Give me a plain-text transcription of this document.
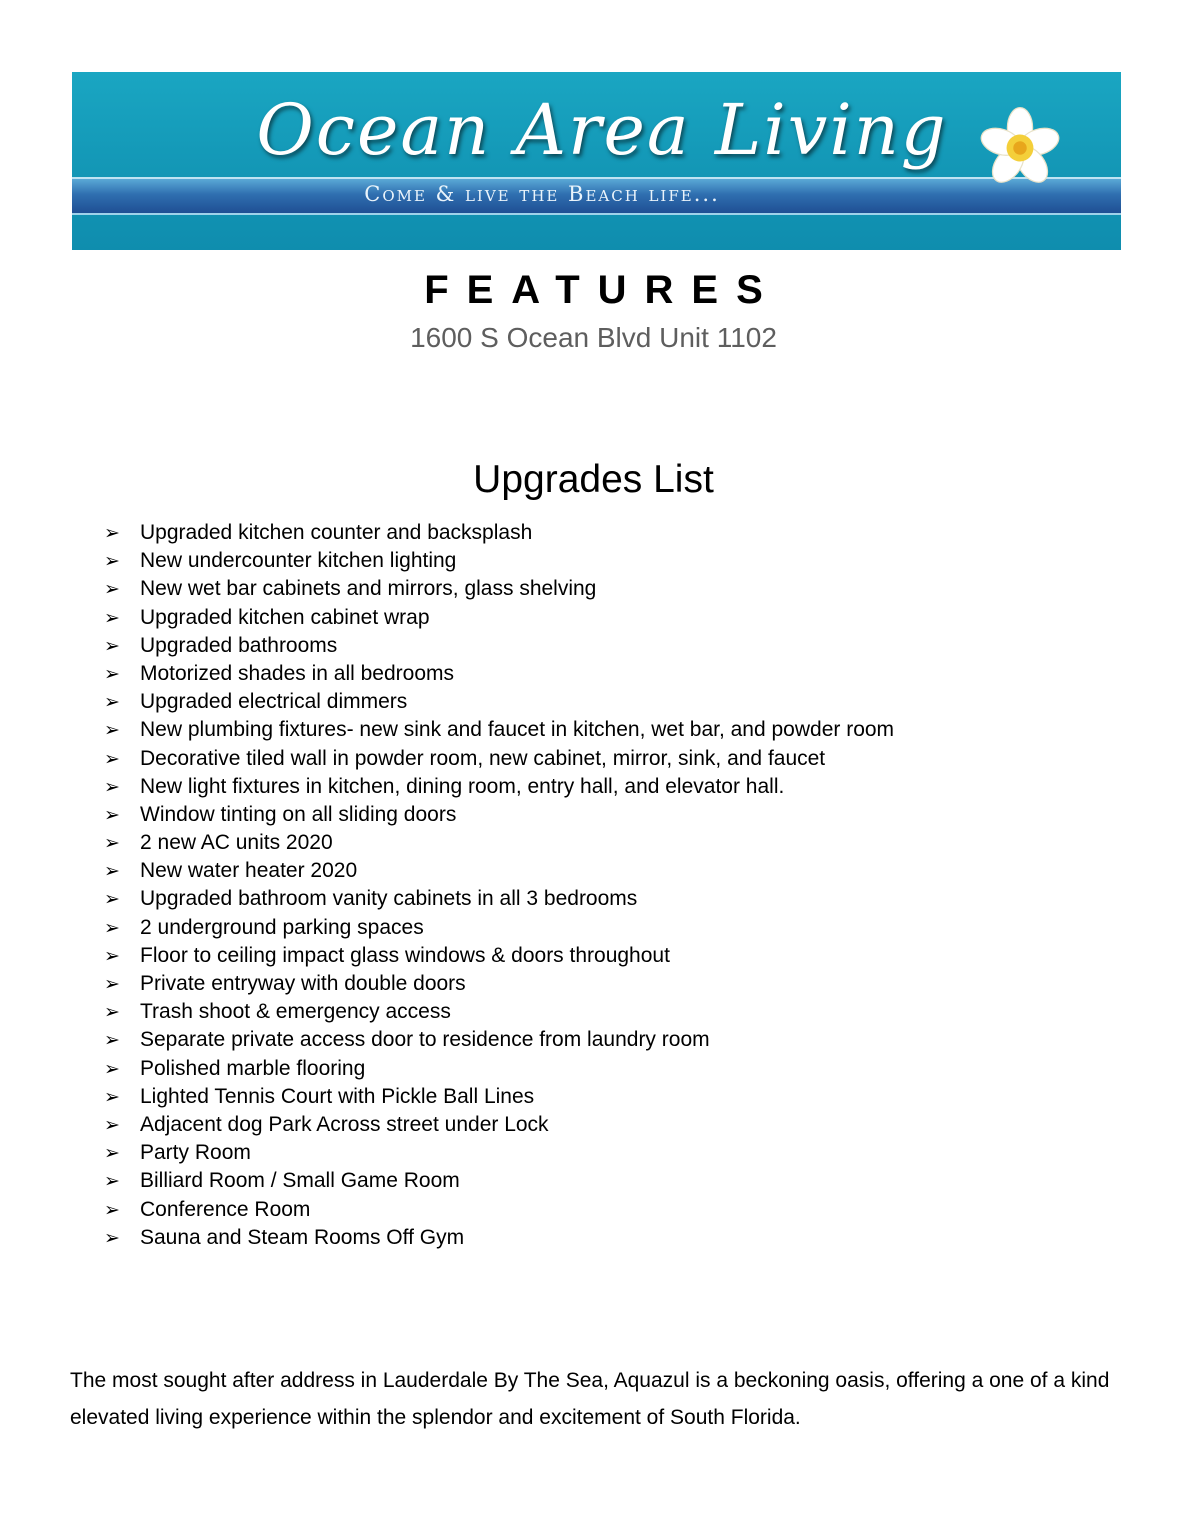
Ocean Area Living
Come & live the Beach life...
FEATURES
1600 S Ocean Blvd Unit 1102
Upgrades List
➢ Upgraded kitchen counter and backsplash
➢ New undercounter kitchen lighting
➢ New wet bar cabinets and mirrors, glass shelving
➢ Upgraded kitchen cabinet wrap
➢ Upgraded bathrooms
➢ Motorized shades in all bedrooms
➢ Upgraded electrical dimmers
➢ New plumbing fixtures- new sink and faucet in kitchen, wet bar, and powder room
➢ Decorative tiled wall in powder room, new cabinet, mirror, sink, and faucet
➢ New light fixtures in kitchen, dining room, entry hall, and elevator hall.
➢ Window tinting on all sliding doors
➢ 2 new AC units 2020
➢ New water heater 2020
➢ Upgraded bathroom vanity cabinets in all 3 bedrooms
➢ 2 underground parking spaces
➢ Floor to ceiling impact glass windows & doors throughout
➢ Private entryway with double doors
➢ Trash shoot & emergency access
➢ Separate private access door to residence from laundry room
➢ Polished marble flooring
➢ Lighted Tennis Court with Pickle Ball Lines
➢ Adjacent dog Park Across street under Lock
➢ Party Room
➢ Billiard Room / Small Game Room
➢ Conference Room
➢ Sauna and Steam Rooms Off Gym

The most sought after address in Lauderdale By The Sea, Aquazul is a beckoning oasis, offering a one of a kind elevated living experience within the splendor and excitement of South Florida.
